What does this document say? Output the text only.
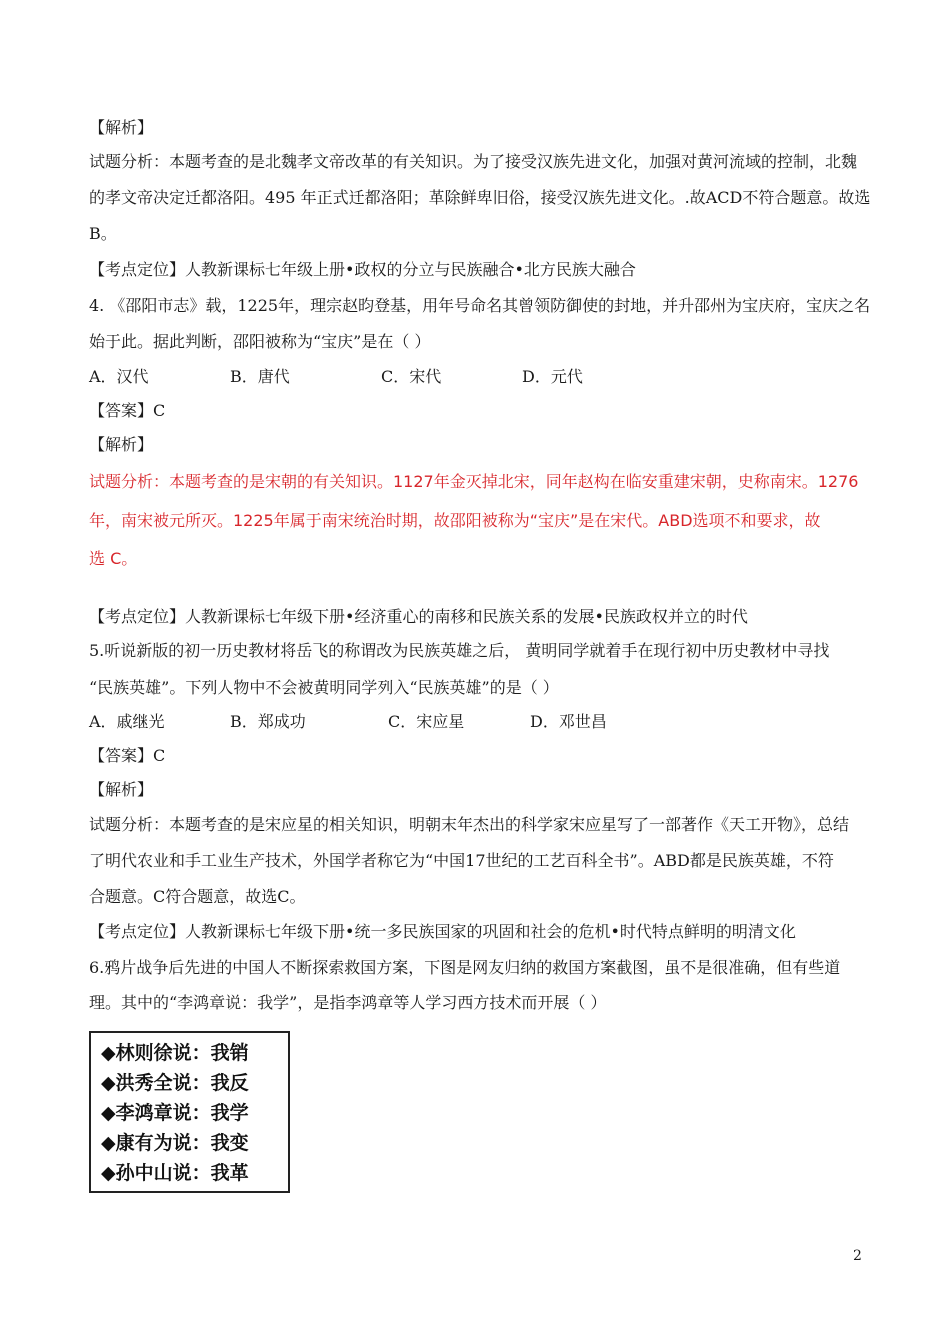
【解析】
试题分析：本题考查的是北魏孝文帝改革的有关知识。为了接受汉族先进文化，加强对黄河流域的控制，北魏
的孝文帝决定迁都洛阳。495 年正式迁都洛阳；革除鲜卑旧俗，接受汉族先进文化。.故ACD不符合题意。故选
B。
【考点定位】人教新课标七年级上册•政权的分立与民族融合•北方民族大融合
4. 《邵阳市志》载，1225年，理宗赵昀登基，用年号命名其曾领防御使的封地，并升邵州为宝庆府，宝庆之名
始于此。据此判断，邵阳被称为“宝庆”是在（ ）
A．汉代	B．唐代	C．宋代	D．元代
【答案】C
【解析】
试题分析：本题考查的是宋朝的有关知识。1127年金灭掉北宋，同年赵构在临安重建宋朝，史称南宋。1276
年，南宋被元所灭。1225年属于南宋统治时期，故邵阳被称为“宝庆”是在宋代。ABD选项不和要求，故
选 C。
【考点定位】人教新课标七年级下册•经济重心的南移和民族关系的发展•民族政权并立的时代
5.听说新版的初一历史教材将岳飞的称谓改为民族英雄之后， 黄明同学就着手在现行初中历史教材中寻找
“民族英雄”。下列人物中不会被黄明同学列入“民族英雄”的是（ ）
A．戚继光	B．郑成功	C．宋应星	D．邓世昌
【答案】C
【解析】
试题分析：本题考查的是宋应星的相关知识，明朝末年杰出的科学家宋应星写了一部著作《天工开物》，总结
了明代农业和手工业生产技术，外国学者称它为“中国17世纪的工艺百科全书”。ABD都是民族英雄，不符
合题意。C符合题意，故选C。
【考点定位】人教新课标七年级下册•统一多民族国家的巩固和社会的危机•时代特点鲜明的明清文化
6.鸦片战争后先进的中国人不断探索救国方案，下图是网友归纳的救国方案截图，虽不是很准确，但有些道
理。其中的“李鸿章说：我学”，是指李鸿章等人学习西方技术而开展（ ）
◆林则徐说：我销
◆洪秀全说：我反
◆李鸿章说：我学
◆康有为说：我变
◆孙中山说：我革
2
